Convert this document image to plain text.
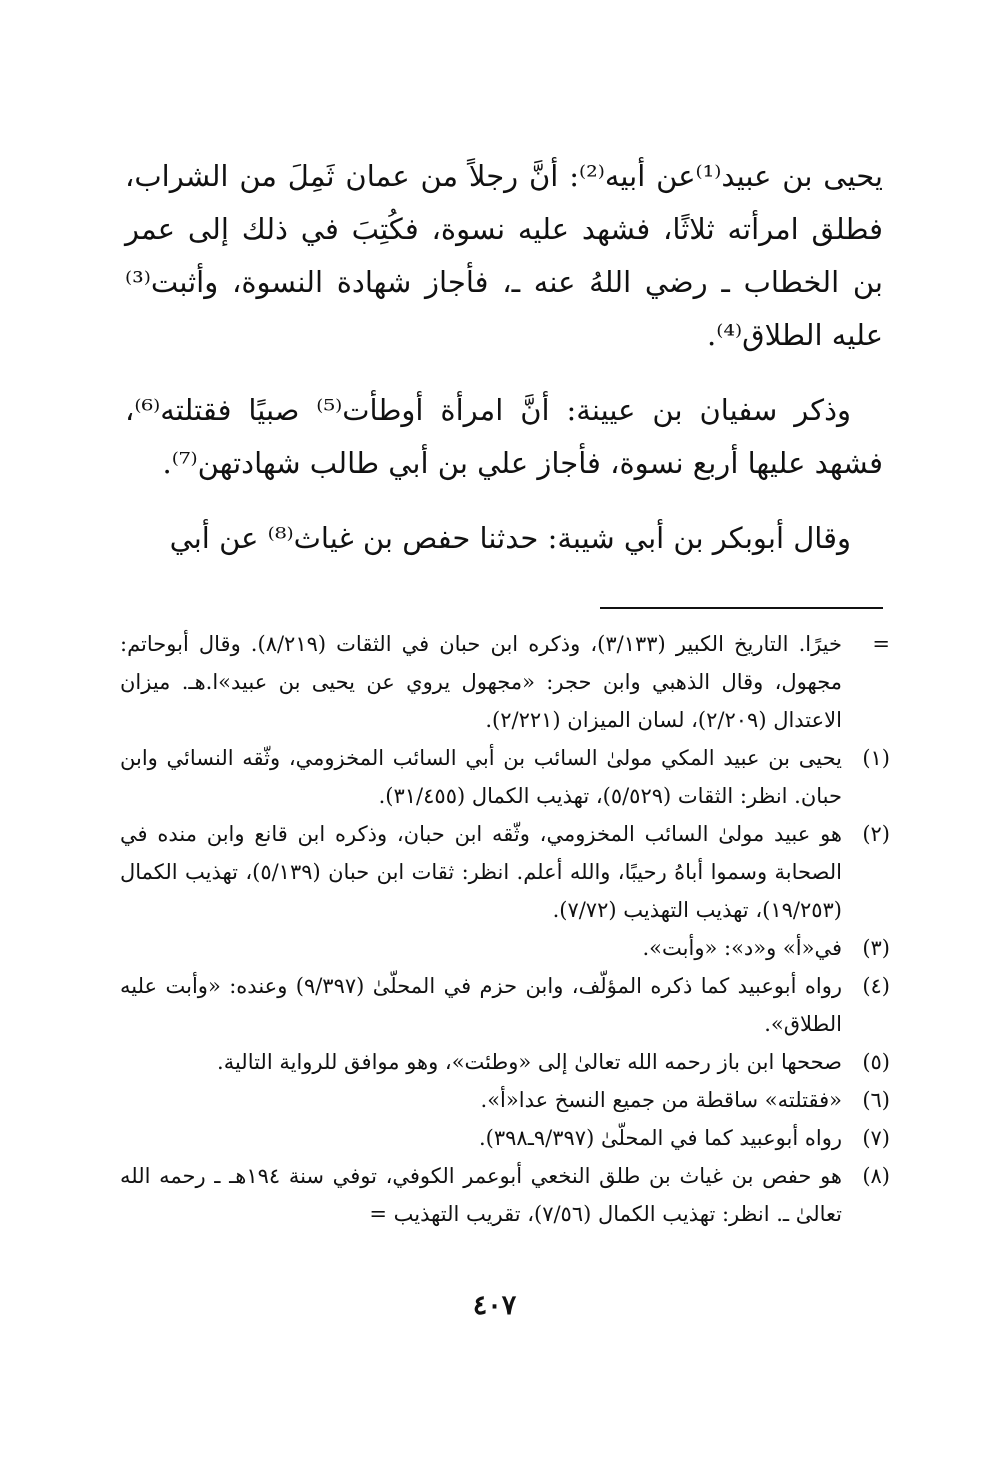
يحيى بن عبيد⁽¹⁾عن أبيه⁽²⁾: أنَّ رجلاً من عمان ثَمِلَ من الشراب، فطلق امرأته ثلاثًا، فشهد عليه نسوة، فكُتِبَ في ذلك إلى عمر بن الخطاب ـ رضي اللهُ عنه ـ، فأجاز شهادة النسوة، وأثبت⁽³⁾ عليه الطلاق⁽⁴⁾.

وذكر سفيان بن عيينة: أنَّ امرأة أوطأت⁽⁵⁾ صبيًا فقتلته⁽⁶⁾، فشهد عليها أربع نسوة، فأجاز علي بن أبي طالب شهادتهن⁽⁷⁾.

وقال أبوبكر بن أبي شيبة: حدثنا حفص بن غياث⁽⁸⁾ عن أبي

=
خيرًا. التاريخ الكبير (٣/١٣٣)، وذكره ابن حبان في الثقات (٨/٢١٩). وقال أبوحاتم: مجهول، وقال الذهبي وابن حجر: «مجهول يروي عن يحيى بن عبيد»ا.هـ. ميزان الاعتدال (٢/٢٠٩)، لسان الميزان (٢/٢٢١).
(١)
يحيى بن عبيد المكي مولىٰ السائب بن أبي السائب المخزومي، وثّقه النسائي وابن حبان. انظر: الثقات (٥/٥٢٩)، تهذيب الكمال (٣١/٤٥٥).
(٢)
هو عبيد مولىٰ السائب المخزومي، وثّقه ابن حبان، وذكره ابن قانع وابن منده في الصحابة وسموا أباهُ رحيبًا، والله أعلم. انظر: ثقات ابن حبان (٥/١٣٩)، تهذيب الكمال (١٩/٢٥٣)، تهذيب التهذيب (٧/٧٢).
(٣)
في«أ» و«د»: «وأبت».
(٤)
رواه أبوعبيد كما ذكره المؤلّف، وابن حزم في المحلّىٰ (٩/٣٩٧) وعنده: «وأبت عليه الطلاق».
(٥)
صححها ابن باز رحمه الله تعالىٰ إلى «وطئت»، وهو موافق للرواية التالية.
(٦)
«فقتلته» ساقطة من جميع النسخ عدا«أ».
(٧)
رواه أبوعبيد كما في المحلّىٰ (٩/٣٩٧ـ٣٩٨).
(٨)
هو حفص بن غياث بن طلق النخعي أبوعمر الكوفي، توفي سنة ١٩٤هـ ـ رحمه الله تعالىٰ ـ. انظر: تهذيب الكمال (٧/٥٦)، تقريب التهذيب =
٤٠٧
